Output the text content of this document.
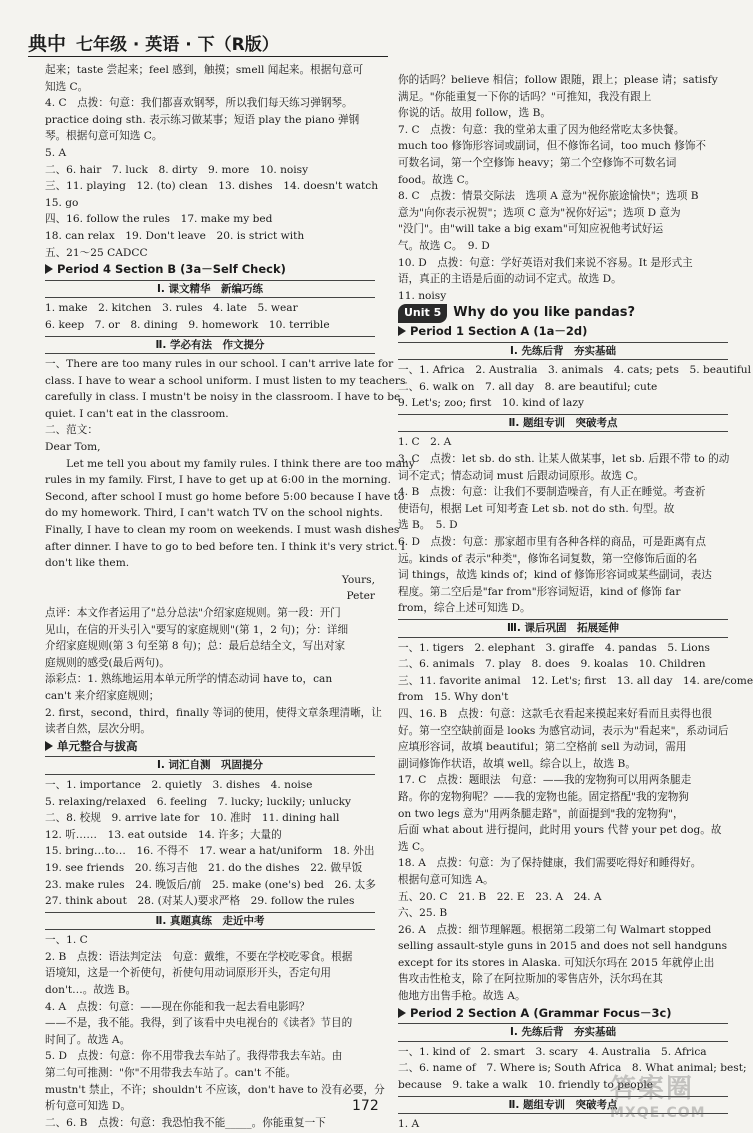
典中 七年级 · 英语 · 下（R版）
起来；taste 尝起来；feel 感到，触摸；smell 闻起来。根据句意可
知选 C。
4. C　点拨：句意：我们都喜欢钢琴，所以我们每天练习弹钢琴。
practice doing sth. 表示练习做某事；短语 play the piano 弹钢
琴。根据句意可知选 C。
5. A
二、6. hair　7. luck　8. dirty　9. more　10. noisy
三、11. playing　12. (to) clean　13. dishes　14. doesn't watch
15. go
四、16. follow the rules　17. make my bed
18. can relax　19. Don't leave　20. is strict with
五、21～25 CADCC
Period 4 Section B (3a－Self Check)
Ⅰ. 课文精华　新编巧练
1. make　2. kitchen　3. rules　4. late　5. wear
6. keep　7. or　8. dining　9. homework　10. terrible
Ⅱ. 学必有法　作文提分
一、There are too many rules in our school. I can't arrive late for
class. I have to wear a school uniform. I must listen to my teachers
carefully in class. I mustn't be noisy in the classroom. I have to be
quiet. I can't eat in the classroom.
二、范文：
Dear Tom,
　　Let me tell you about my family rules. I think there are too many
rules in my family. First, I have to get up at 6:00 in the morning.
Second, after school I must go home before 5:00 because I have to
do my homework. Third, I can't watch TV on the school nights.
Finally, I have to clean my room on weekends. I must wash dishes
after dinner. I have to go to bed before ten. I think it's very strict. I
don't like them.
Yours,
Peter
点评：本文作者运用了"总分总法"介绍家庭规则。第一段：开门
见山，在信的开头引入"要写的家庭规则"(第 1，2 句)；分：详细
介绍家庭规则(第 3 句至第 8 句)；总：最后总结全文，写出对家
庭规则的感受(最后两句)。
添彩点：1. 熟练地运用本单元所学的情态动词 have to，can
can't 来介绍家庭规则；
2. first，second，third，finally 等词的使用，使得文章条理清晰，让
读者自然，层次分明。
单元整合与拔高
Ⅰ. 词汇自测　巩固提分
一、1. importance　2. quietly　3. dishes　4. noise
5. relaxing/relaxed　6. feeling　7. lucky; luckily; unlucky
二、8. 校规　9. arrive late for　10. 准时　11. dining hall
12. 听……　13. eat outside　14. 许多；大量的
15. bring…to…　16. 不得不　17. wear a hat/uniform　18. 外出
19. see friends　20. 练习吉他　21. do the dishes　22. 做早饭
23. make rules　24. 晚饭后/前　25. make (one's) bed　26. 太多
27. think about　28. (对某人)要求严格　29. follow the rules
Ⅱ. 真题真练　走近中考
一、1. C
2. B　点拨：语法判定法　句意：戴维，不要在学校吃零食。根据
语境知，这是一个祈使句，祈使句用动词原形开头，否定句用
don't…。故选 B。
4. A　点拨：句意：——现在你能和我一起去看电影吗？
——不是，我不能。我得，到了该看中央电视台的《读者》节目的
时间了。故选 A。
5. D　点拨：句意：你不用带我去车站了。我得带我去车站。由
第二句可推测："你"不用带我去车站了。can't 不能。
mustn't 禁止，不许；shouldn't 不应该，don't have to 没有必要，分
析句意可知选 D。
二、6. B　点拨：句意：我恐怕我不能_____。你能重复一下
你的话吗？believe 相信；follow 跟随，跟上；please 请；satisfy
满足。"你能重复一下你的话吗？"可推知，我没有跟上
你说的话。故用 follow，选 B。
7. C　点拨：句意：我的堂弟太重了因为他经常吃太多快餐。
much too 修饰形容词或副词，但不修饰名词，too much 修饰不
可数名词，第一个空修饰 heavy；第二个空修饰不可数名词
food。故选 C。
8. C　点拨：情景交际法　选项 A 意为"祝你旅途愉快"；选项 B
意为"向你表示祝贺"；选项 C 意为"祝你好运"；选项 D 意为
"没门"。由"will take a big exam"可知应祝他考试好运
气。故选 C。　9. D
10. D　点拨：句意：学好英语对我们来说不容易。It 是形式主
语，真正的主语是后面的动词不定式。故选 D。
11. noisy
Unit 5 Why do you like pandas?
Period 1 Section A (1a－2d)
Ⅰ. 先练后背　夯实基础
一、1. Africa　2. Australia　3. animals　4. cats; pets　5. beautiful
二、6. walk on　7. all day　8. are beautiful; cute
9. Let's; zoo; first　10. kind of lazy
Ⅱ. 题组专训　突破考点
1. C　2. A
3. C　点拨：let sb. do sth. 让某人做某事，let sb. 后跟不带 to 的动
词不定式；情态动词 must 后跟动词原形。故选 C。
4. B　点拨：句意：让我们不要制造噪音，有人正在睡觉。考查祈
使语句，根据 Let 可知考查 Let sb. not do sth. 句型。故
选 B。　5. D
6. D　点拨：句意：那家超市里有各种各样的商品，可是距离有点
远。kinds of 表示"种类"，修饰名词复数，第一空修饰后面的名
词 things，故选 kinds of；kind of 修饰形容词或某些副词，表达
程度。第二空后是"far from"形容词短语，kind of 修饰 far
from，综合上述可知选 D。
Ⅲ. 课后巩固　拓展延伸
一、1. tigers　2. elephant　3. giraffe　4. pandas　5. Lions
二、6. animals　7. play　8. does　9. koalas　10. Children
三、11. favorite animal　12. Let's; first　13. all day　14. are/come
from　15. Why don't
四、16. B　点拨：句意：这款毛衣看起来摸起来好看而且卖得也很
好。第一空空缺前面是 looks 为感官动词，表示为"看起来"，系动词后
应填形容词，故填 beautiful；第二空格前 sell 为动词，需用
副词修饰作状语，故填 well。综合以上，故选 B。
17. C　点拨：题眼法　句意：——我的宠物狗可以用两条腿走
路。你的宠物狗呢？——我的宠物也能。固定搭配"我的宠物狗
on two legs 意为"用两条腿走路"，前面提到"我的宠物狗"，
后面 what about 进行提问，此时用 yours 代替 your pet dog。故
选 C。
18. A　点拨：句意：为了保持健康，我们需要吃得好和睡得好。
根据句意可知选 A。
五、20. C　21. B　22. E　23. A　24. A
六、25. B
26. A　点拨：细节理解题。根据第二段第二句 Walmart stopped
selling assault-style guns in 2015 and does not sell handguns
except for its stores in Alaska. 可知沃尔玛在 2015 年就停止出
售攻击性枪支，除了在阿拉斯加的零售店外，沃尔玛在其
他地方出售手枪。故选 A。
Period 2 Section A (Grammar Focus－3c)
Ⅰ. 先练后背　夯实基础
一、1. kind of　2. smart　3. scary　4. Australia　5. Africa
二、6. name of　7. Where is; South Africa　8. What animal; best;
because　9. take a walk　10. friendly to people
Ⅱ. 题组专训　突破考点
1. A
172
答案圈
MXQE.COM
